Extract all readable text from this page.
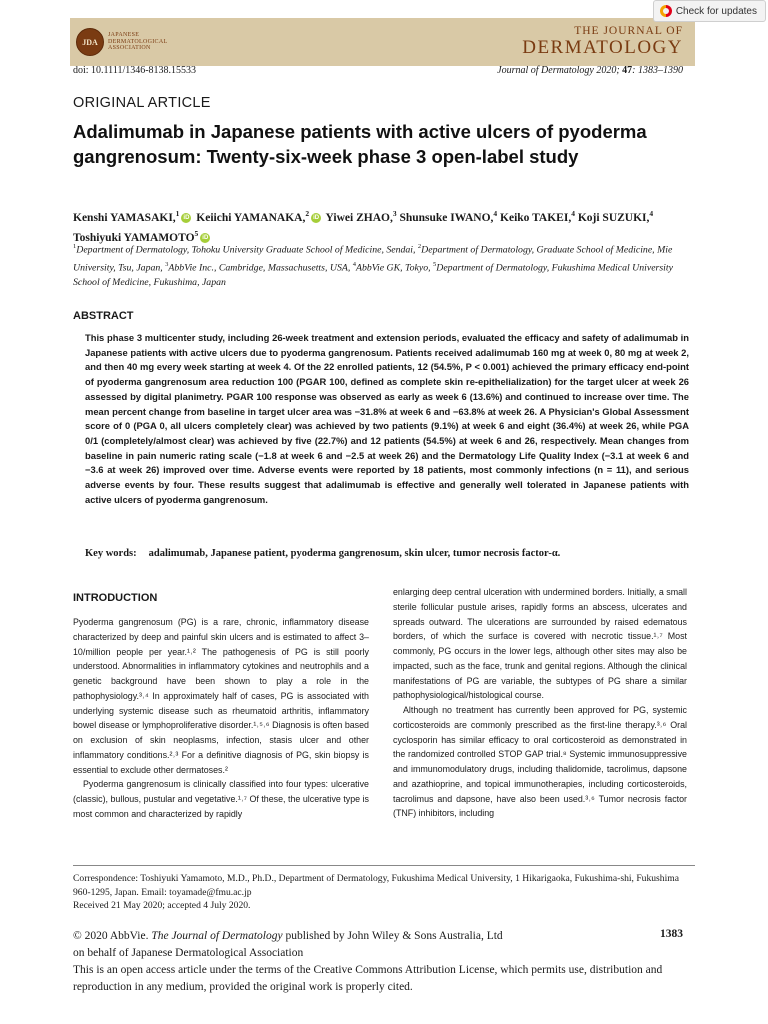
JDA
JAPANESE DERMATOLOGICAL ASSOCIATION
THE JOURNAL OF
DERMATOLOGY
Check for updates
doi: 10.1111/1346-8138.15533	Journal of Dermatology 2020; 47: 1383–1390
ORIGINAL ARTICLE
Adalimumab in Japanese patients with active ulcers of pyoderma gangrenosum: Twenty-six-week phase 3 open-label study
Kenshi YAMASAKI,$^1$iD Keiichi YAMANAKA,$^2$iD Yiwei ZHAO,$^3$ Shunsuke IWANO,$^4$ Keiko TAKEI,$^4$ Koji SUZUKI,$^4$ Toshiyuki YAMAMOTO$^5$iD
$^1$Department of Dermatology, Tohoku University Graduate School of Medicine, Sendai, $^2$Department of Dermatology, Graduate School of Medicine, Mie University, Tsu, Japan, $^3$AbbVie Inc., Cambridge, Massachusetts, USA, $^4$AbbVie GK, Tokyo, $^5$Department of Dermatology, Fukushima Medical University School of Medicine, Fukushima, Japan
ABSTRACT
This phase 3 multicenter study, including 26-week treatment and extension periods, evaluated the efficacy and safety of adalimumab in Japanese patients with active ulcers due to pyoderma gangrenosum. Patients received adalimumab 160 mg at week 0, 80 mg at week 2, and then 40 mg every week starting at week 4. Of the 22 enrolled patients, 12 (54.5%, P < 0.001) achieved the primary efficacy end-point of pyoderma gangrenosum area reduction 100 (PGAR 100, defined as complete skin re-epithelialization) for the target ulcer at week 26 assessed by digital planimetry. PGAR 100 response was observed as early as week 6 (13.6%) and continued to increase over time. The mean percent change from baseline in target ulcer area was −31.8% at week 6 and −63.8% at week 26. A Physician's Global Assessment score of 0 (PGA 0, all ulcers completely clear) was achieved by two patients (9.1%) at week 6 and eight (36.4%) at week 26, while PGA 0/1 (completely/almost clear) was achieved by five (22.7%) and 12 patients (54.5%) at week 6 and 26, respectively. Mean changes from baseline in pain numeric rating scale (−1.8 at week 6 and −2.5 at week 26) and the Dermatology Life Quality Index (−3.1 at week 6 and −3.6 at week 26) improved over time. Adverse events were reported by 18 patients, most commonly infections (n = 11), and serious adverse events by four. These results suggest that adalimumab is effective and generally well tolerated in Japanese patients with active ulcers of pyoderma gangrenosum.
Key words: adalimumab, Japanese patient, pyoderma gangrenosum, skin ulcer, tumor necrosis factor-α.
INTRODUCTION

Pyoderma gangrenosum (PG) is a rare, chronic, inflammatory disease characterized by deep and painful skin ulcers and is estimated to affect 3–10/million people per year.¹˒² The pathogenesis of PG is still poorly understood. Abnormalities in inflammatory cytokines and neutrophils and a genetic background have been shown to play a role in the pathophysiology.³˒⁴ In approximately half of cases, PG is associated with underlying systemic disease such as rheumatoid arthritis, inflammatory bowel disease or lymphoproliferative disorder.¹˒⁵˒⁶ Diagnosis is often based on exclusion of skin neoplasms, infection, stasis ulcer and other inflammatory conditions.²˒³ For a definitive diagnosis of PG, skin biopsy is essential to exclude other dermatoses.²

Pyoderma gangrenosum is clinically classified into four types: ulcerative (classic), bullous, pustular and vegetative.¹˒⁷ Of these, the ulcerative type is most common and characterized by rapidly

enlarging deep central ulceration with undermined borders. Initially, a small sterile follicular pustule arises, rapidly forms an abscess, ulcerates and spreads outward. The ulcerations are surrounded by raised edematous borders, of which the surface is covered with necrotic tissue.¹˒⁷ Most commonly, PG occurs in the lower legs, although other sites may also be impacted, such as the face, trunk and genital regions. Although the clinical manifestations of PG are variable, the subtypes of PG share a similar pathophysiological/histological course.

Although no treatment has currently been approved for PG, systemic corticosteroids are commonly prescribed as the first-line therapy.³˒⁶ Oral cyclosporin has similar efficacy to oral corticosteroid as demonstrated in the randomized controlled STOP GAP trial.⁸ Systemic immunosuppressive and immunomodulatory drugs, including thalidomide, tacrolimus, dapsone and azathioprine, and topical immunotherapies, including corticosteroids, tacrolimus and dapsone, have also been used.³˒⁶ Tumor necrosis factor (TNF) inhibitors, including

Correspondence: Toshiyuki Yamamoto, M.D., Ph.D., Department of Dermatology, Fukushima Medical University, 1 Hikarigaoka, Fukushima-shi, Fukushima 960-1295, Japan. Email: toyamade@fmu.ac.jp

Received 21 May 2020; accepted 4 July 2020.

© 2020 AbbVie. The Journal of Dermatology published by John Wiley & Sons Australia, Ltd

on behalf of Japanese Dermatological Association

1383
This is an open access article under the terms of the Creative Commons Attribution License, which permits use, distribution and reproduction in any medium, provided the original work is properly cited.
